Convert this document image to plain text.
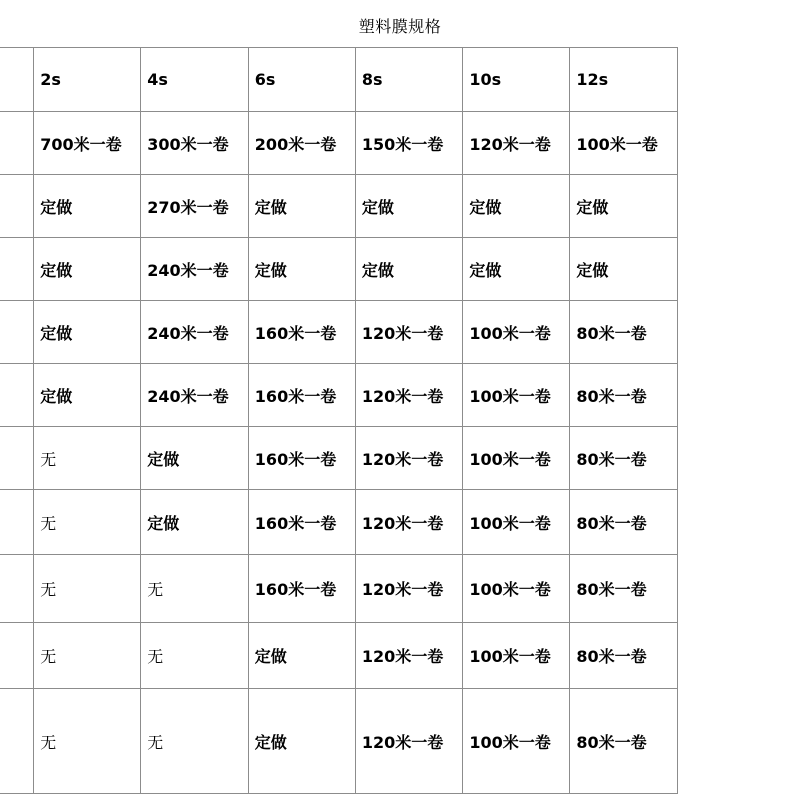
塑料膜规格
	2s	4s	6s	8s	10s	12s
	700米一卷	300米一卷	200米一卷	150米一卷	120米一卷	100米一卷
	定做	270米一卷	定做	定做	定做	定做
	定做	240米一卷	定做	定做	定做	定做
	定做	240米一卷	160米一卷	120米一卷	100米一卷	80米一卷
	定做	240米一卷	160米一卷	120米一卷	100米一卷	80米一卷
	无	定做	160米一卷	120米一卷	100米一卷	80米一卷
	无	定做	160米一卷	120米一卷	100米一卷	80米一卷
	无	无	160米一卷	120米一卷	100米一卷	80米一卷
	无	无	定做	120米一卷	100米一卷	80米一卷
	无	无	定做	120米一卷	100米一卷	80米一卷
